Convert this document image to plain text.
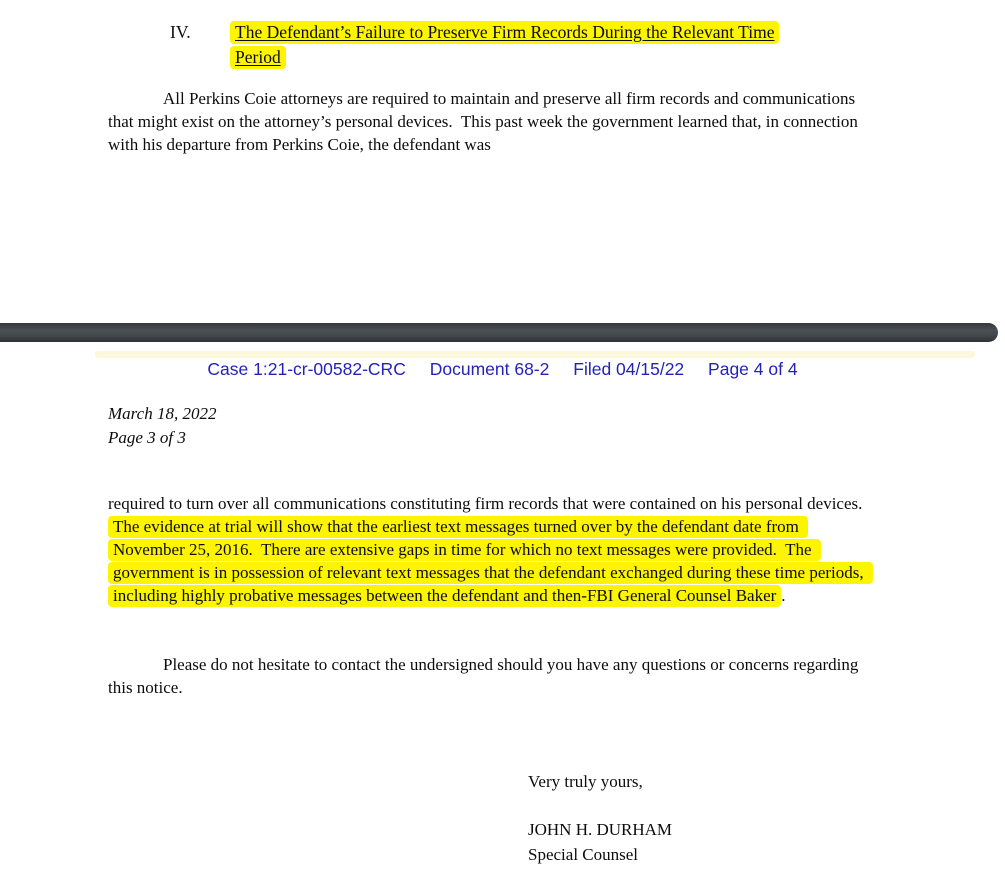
IV.	The Defendant’s Failure to Preserve Firm Records During the Relevant Time
Period

All Perkins Coie attorneys are required to maintain and preserve all firm records and communications that might exist on the attorney’s personal devices.  This past week the government learned that, in connection with his departure from Perkins Coie, the defendant was

Case 1:21-cr-00582-CRC Document 68-2 Filed 04/15/22 Page 4 of 4
March 18, 2022
Page 3 of 3

required to turn over all communications constituting firm records that were contained on his personal devices.  The evidence at trial will show that the earliest text messages turned over by the defendant date from November 25, 2016.  There are extensive gaps in time for which no text messages were provided.  The government is in possession of relevant text messages that the defendant exchanged during these time periods, including highly probative messages between the defendant and then-FBI General Counsel Baker .

Please do not hesitate to contact the undersigned should you have any questions or concerns regarding this notice.

Very truly yours,
JOHN H. DURHAM
Special Counsel
